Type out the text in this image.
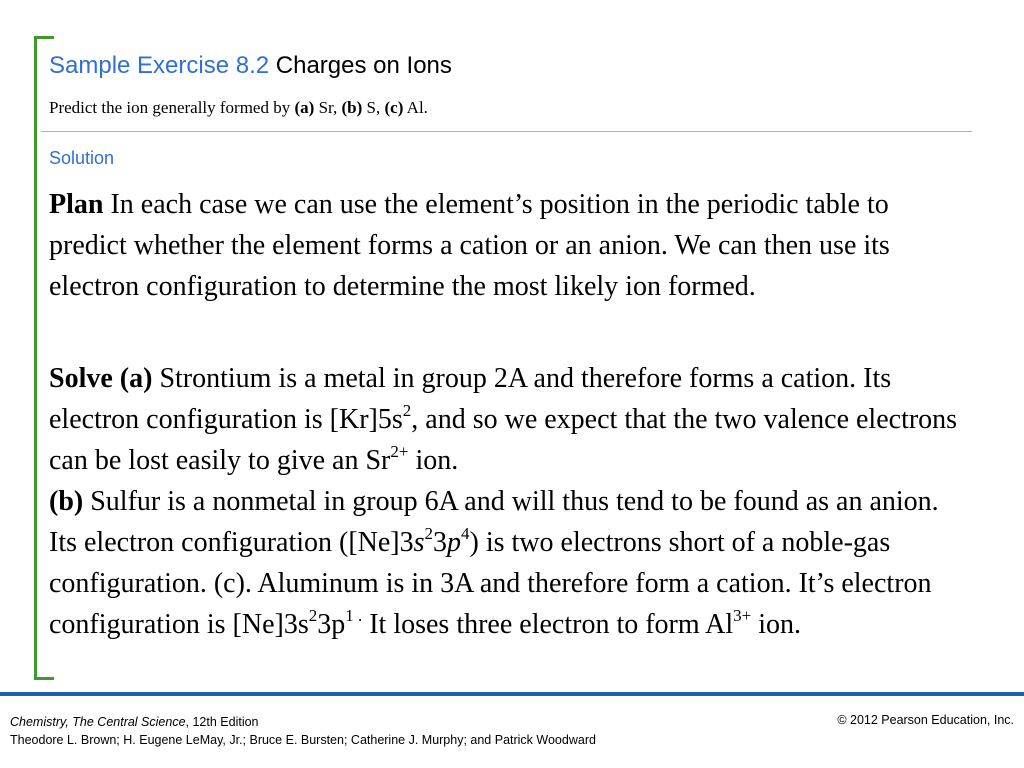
Sample Exercise 8.2 Charges on Ions
Predict the ion generally formed by (a) Sr, (b) S, (c) Al.
Solution
Plan In each case we can use the element’s position in the periodic table to predict whether the element forms a cation or an anion. We can then use its electron configuration to determine the most likely ion formed.
Solve (a) Strontium is a metal in group 2A and therefore forms a cation. Its electron configuration is $[Kr]5s^2$, and so we expect that the two valence electrons can be lost easily to give an $Sr^{2+}$ ion.
(b) Sulfur is a nonmetal in group 6A and will thus tend to be found as an anion. Its electron configuration $([Ne]3s^23p^4)$ is two electrons short of a noble-gas configuration. (c). Aluminum is in 3A and therefore form a cation. It’s electron configuration is $[Ne]3s^23p^{1 .}$ It loses three electron to form $Al^{3+}$ ion.
Chemistry, The Central Science, 12th Edition
Theodore L. Brown; H. Eugene LeMay, Jr.; Bruce E. Bursten; Catherine J. Murphy; and Patrick Woodward
© 2012 Pearson Education, Inc.
